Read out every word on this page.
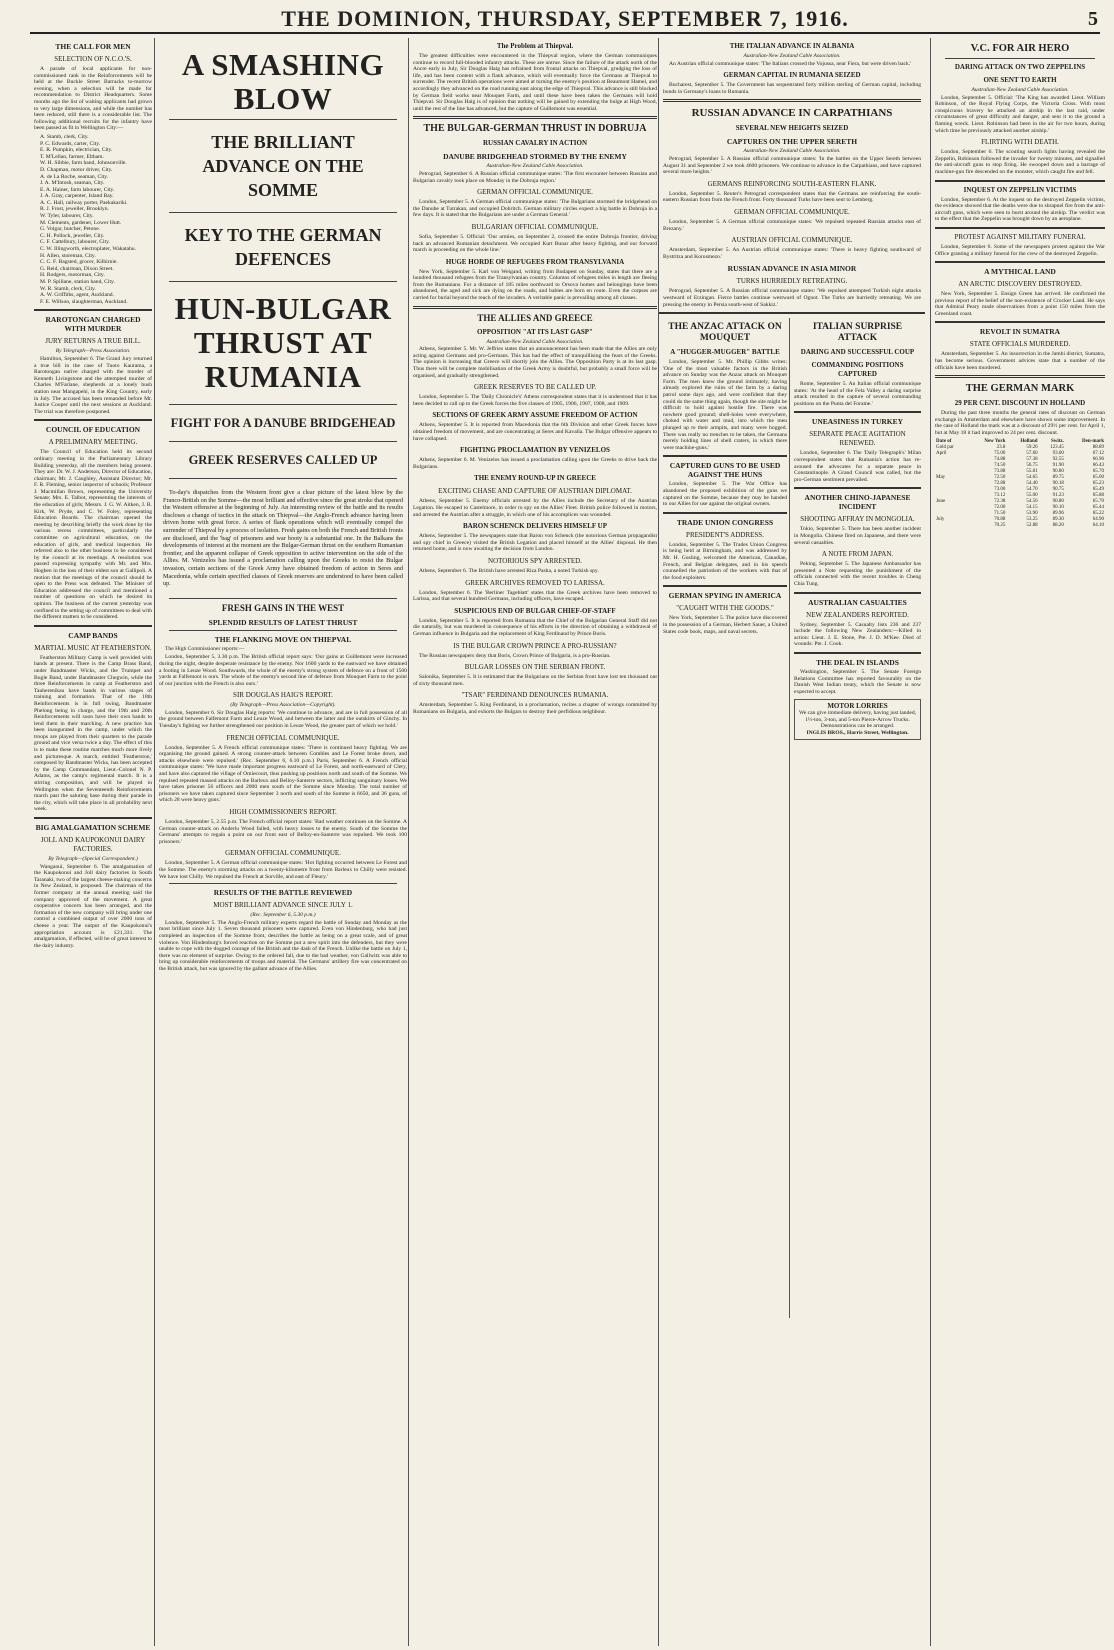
THE DOMINION, THURSDAY, SEPTEMBER 7, 1916.	5
THE CALL FOR MEN
SELECTION OF N.C.O.'S.

A parade of local applicants for non-commissioned rank in the Reinforcements will be held at the Buckle Street Barracks to-morrow evening, when a selection will be made for recommendation to District Headquarters. Some months ago the list of waiting applicants had grown to very large dimensions, and while the number has been reduced, still there is a considerable list. The following additional recruits for the infantry have been passed as fit in Wellington City:—

A. Stamb, clerk, City.

P. C. Edwards, carter, City.

E. R. Pumpkin, electrician, City.

T. M'Lellan, farmer, Eltham.

W. H. Sibbie, farm hand, Johnsonville.

D. Chapman, motor driver, City.

A. de La Roche, seaman, City.

J. A. M'Intosh, seaman, City.

E. A. Hainer, farm labourer, City.

J. A. Gray, carpenter, Island Bay.

A. C. Hall, railway porter, Paekakariki.

R. J. Frost, jeweller, Brooklyn.

W. Tyler, labourer, City.

M. Clements, gardener, Lower Hutt.

G. Volgar, butcher, Petone.

C. H. Pollock, jeweller, City.

C. F. Cattelbury, labourer, City.

C. W. Illingworth, electroplater, Wakatahu.

H. Allen, storeman, City.

C. C. F. Bagsted, grocer, Kilbirnie.

G. Reid, chairman, Dixon Street.

H. Rodgers, motorman, City.

M. P. Spillane, station hand, City.

W. R. Stamb, clerk, City.

A. W. Griffiths, agent, Auckland.

F. E. Willson, slaughterman, Auckland.

RAROTONGAN CHARGED WITH MURDER
JURY RETURNS A TRUE BILL.
By Telegraph—Press Association.

Hamilton, September 6. The Grand Jury returned a true bill in the case of Tuoto Kaurama, a Rarotongan native charged with the murder of Kenneth Livingstone and the attempted murder of Charles M'Farlane, shepherds at a lonely bush station near Mangapehi, in the King Country, early in July. The accused has been remanded before Mr. Justice Cooper until the next sessions at Auckland. The trial was therefore postponed.

COUNCIL OF EDUCATION
A PRELIMINARY MEETING.

The Council of Education held its second ordinary meeting in the Parliamentary Library Building yesterday, all the members being present. They are: Dr. W. J. Anderson, Director of Education, chairman; Mr. J. Caughley, Assistant Director; Mr. F. R. Fleming, senior inspector of schools; Professor J. Macmillan Brown, representing the University Senate; Mrs. E. Talbot, representing the interests of the education of girls; Messrs. J. G. W. Aitken, J. R. Kirk, W. Pryde, and C. W. Foley, representing Education Boards. The chairman opened the meeting by describing briefly the work done by the various recess committees, particularly the committee on agricultural education, on the education of girls, and medical inspection. He referred also to the other business to be considered by the council at its meetings. A resolution was passed expressing sympathy with Mr. and Mrs. Hogben in the loss of their eldest son at Gallipoli. A motion that the meetings of the council should be open to the Press was defeated. The Minister of Education addressed the council and mentioned a number of questions on which he desired its opinion. The business of the current yesterday was confined to the setting up of committees to deal with the different matters to be considered.

CAMP BANDS
MARTIAL MUSIC AT FEATHERSTON.

Featherston Military Camp is well provided with bands at present. There is the Camp Brass Band, under Bandmaster Wicks, and the Trumpet and Bugle Band, under Bandmaster Chegwin, while the three Reinforcements in camp at Featherston and Tauherenikau have bands in various stages of training and formation. That of the 18th Reinforcements is in full swing, Bandmaster Phelong being in charge, and the 19th and 20th Reinforcements will soon have their own bands to lend them in their marching. A new practice has been inaugurated in the camp, under which the troops are played from their quarters to the parade ground and vice versa twice a day. The effect of this is to make these routine marches much more lively and picturesque. A march, entitled 'Featherston,' composed by Bandmaster Wicks, has been accepted by the Camp Commandant, Lieut.-Colonel N. P. Adams, as the camp's regimental march. It is a stirring composition, and will be played in Wellington when the Seventeenth Reinforcements march past the saluting base during their parade in the city, which will take place in all probability next week.

BIG AMALGAMATION SCHEME
JOLL AND KAUPOKONUI DAIRY FACTORIES.
By Telegraph—(Special Correspondent.)

Wanganui, September 6. The amalgamation of the Kaupokonui and Joll dairy factories in South Taranaki, two of the largest cheese-making concerns in New Zealand, is proposed. The chairman of the former company at the annual meeting said the company approved of the movement. A great cooperative concern has been arranged, and the formation of the new company will bring under one control a combined output of over 2000 tons of cheese a year. The output of the Kaupokonui's appropriation account is £21,331. The amalgamation, if effected, will be of great interest to the dairy industry.

A SMASHING BLOW
THE BRILLIANT ADVANCE ON THE SOMME
KEY TO THE GERMAN DEFENCES
HUN-BULGAR THRUST AT RUMANIA
FIGHT FOR A DANUBE BRIDGEHEAD
GREEK RESERVES CALLED UP

To-day's dispatches from the Western front give a clear picture of the latest blow by the Franco-British on the Somme—the most brilliant and effective since the great stroke that opened the Western offensive at the beginning of July. An interesting review of the battle and its results discloses a change of tactics in the attack on Thiepval—the Anglo-French advance having been driven home with great force. A series of flank operations which will eventually compel the surrender of Thiepval by a process of isolation. Fresh gains on both the French and British fronts are disclosed, and the 'bag' of prisoners and war booty is a substantial one. In the Balkans the developments of interest at the moment are the Bulgar-German thrust on the southern Rumanian frontier, and the apparent collapse of Greek opposition to active intervention on the side of the Allies. M. Venizelos has issued a proclamation calling upon the Greeks to resist the Bulgar invasion, certain sections of the Greek Army have obtained freedom of action in Seres and Macedonia, while certain specified classes of Greek reserves are understood to have been called up.

FRESH GAINS IN THE WEST
SPLENDID RESULTS OF LATEST THRUST
THE FLANKING MOVE ON THIEPVAL

The High Commissioner reports:—

London, September 5, 3.30 p.m. The British official report says: 'Our gains at Guillemont were increased during the night, despite desperate resistance by the enemy. Nor 1600 yards to the eastward we have obtained a footing in Leuze Wood. Southwards, the whole of the enemy's strong system of defence on a front of 1500 yards at Falfemont is ours. The whole of the enemy's second line of defence from Mouquet Farm to the point of our junction with the French is also ours.'

SIR DOUGLAS HAIG'S REPORT.
(By Telegraph—Press Association—Copyright).

London, September 6. Sir Douglas Haig reports: 'We continue to advance, and are in full possession of all the ground between Falfemont Farm and Leuze Wood, and between the latter and the outskirts of Ginchy. In Tuesday's fighting we further strengthened our position in Leuze Wood, the greater part of which we hold.'

FRENCH OFFICIAL COMMUNIQUE.

London, September 5. A French official communique states: 'There is continued heavy fighting. We are organising the ground gained. A strong counter-attack between Combles and Le Forest broke down, and attacks elsewhere were repulsed.' (Rec. September 6, 6.10 p.m.) Paris, September 6. A French official communique states: 'We have made important progress eastward of Le Forest, and north-eastward of Clery, and have also captured the village of Omiecourt, thus pushing up positions north and south of the Somme. We repulsed repeated massed attacks on the Barleux and Belloy-Santerre sectors, inflicting sanguinary losses. We have taken prisoner 56 officers and 2000 men south of the Somme since Monday. The total number of prisoners we have taken captured since September 3 north and south of the Somme is 6650, and 36 guns, of which 28 were heavy guns.'

HIGH COMMISSIONER'S REPORT.

London, September 5, 2.55 p.m. The French official report states: 'Bad weather continues on the Somme. A German counter-attack on Anderlu Wood failed, with heavy losses to the enemy. South of the Somme the Germans' attempts to regain a point on our front east of Belloy-en-Santerre was repulsed. We took 100 prisoners.'

GERMAN OFFICIAL COMMUNIQUE.

London, September 5. A German official communique states: 'Hot fighting occurred between Le Forest and the Somme. The enemy's storming attacks on a twenty-kilometre front from Barleux to Chilly were resisted. We have lost Chilly. We repulsed the French at Sorville, and east of Fleury.'

RESULTS OF THE BATTLE REVIEWED
MOST BRILLIANT ADVANCE SINCE JULY 1.
(Rec. September 6, 5.30 p.m.)

London, September 5. The Anglo-French military experts regard the battle of Sunday and Monday as the most brilliant since July 1. Seven thousand prisoners were captured. Even von Hindenburg, who had just completed an inspection of the Somme front, describes the battle as being on a great scale, and of great violence. Von Hindenburg's forced reaction on the Somme put a new spirit into the defenders, but they were unable to cope with the dogged courage of the British and the dash of the French. Unlike the battle on July 1, there was no element of surprise. Owing to the ordered fall, due to the bad weather, von Gallwitz was able to bring up considerable reinforcements of troops and material. The Germans' artillery fire was concentrated on the British attack, but was ignored by the gallant advance of the Allies.

The Problem at Thiepval.

The greatest difficulties were encountered in the Thiepval region, where the German communiques continue to record full-blooded infantry attacks. These are untrue. Since the failure of the attack north of the Ancre early in July, Sir Douglas Haig has refrained from frontal attacks on Thiepval, grudging the loss of life, and has been content with a flank advance, which will eventually force the Germans at Thiepval to surrender. The recent British operations were aimed at turning the enemy's position at Beaumont Hamel, and accordingly they advanced on the road running east along the edge of Thiepval. This advance is still blocked by German field works near Mouquet Farm, and until these have been taken the Germans will hold Thiepval. Sir Douglas Haig is of opinion that nothing will be gained by extending the bulge at High Wood, until the rest of the line has advanced, but the capture of Guillemont was essential.

THE BULGAR-GERMAN THRUST IN DOBRUJA
RUSSIAN CAVALRY IN ACTION
DANUBE BRIDGEHEAD STORMED BY THE ENEMY
Australian-New Zealand Cable Association.

Petrograd, September 6. A Russian official communique states: 'The first encounter between Russian and Bulgarian cavalry took place on Monday in the Dobruja region.'

GERMAN OFFICIAL COMMUNIQUE.

London, September 5. A German official communique states: 'The Bulgarians stormed the bridgehead on the Danube at Tutrakan, and occupied Dobritch. German military circles expect a big battle in Dobruja in a few days. It is stated that the Bulgarians are under a German General.'

BULGARIAN OFFICIAL COMMUNIQUE.

Sofia, September 5. Official: 'Our armies, on September 2, crossed the entire Dobruja frontier, driving back an advanced Rumanian detachment. We occupied Kurt Bunar after heavy fighting, and our forward march is proceeding on the whole line.'

HUGE HORDE OF REFUGEES FROM TRANSYLVANIA

New York, September 5. Karl von Weigand, writing from Budapest on Sunday, states that there are a hundred thousand refugees from the Transylvanian country. Columns of refugees miles in length are fleeing from the Rumanians. For a distance of 185 miles northward to Orsova homes and belongings have been abandoned, the aged and sick are dying on the roads, and babies are born en route. Even the corpses are carried for burial beyond the reach of the invaders. A veritable panic is prevailing among all classes.

THE ALLIES AND GREECE
OPPOSITION "AT ITS LAST GASP"
Australian-New Zealand Cable Association.

Athens, September 5. Mr. W. Jeffries states that an announcement has been made that the Allies are only acting against Germans and pro-Germans. This has had the effect of tranquillising the fears of the Greeks. The opinion is increasing that Greece will shortly join the Allies. The Opposition Party is at its last gasp. Thus there will be complete mobilisation of the Greek Army is doubtful, but probably a small force will be organised, and gradually strengthened.

GREEK RESERVES TO BE CALLED UP.

London, September 5. The 'Daily Chronicle's' Athens correspondent states that it is understood that it has been decided to call up to the Greek forces the five classes of 1905, 1906, 1907, 1908, and 1909.

SECTIONS OF GREEK ARMY ASSUME FREEDOM OF ACTION

Athens, September 5. It is reported from Macedonia that the 6th Division and other Greek forces have obtained freedom of movement, and are concentrating at Seres and Kavalla. The Bulgar offensive appears to have collapsed.

FIGHTING PROCLAMATION BY VENIZELOS

Athens, September 6. M. Venizelos has issued a proclamation calling upon the Greeks to drive back the Bulgarians.

THE ENEMY ROUND-UP IN GREECE
EXCITING CHASE AND CAPTURE OF AUSTRIAN DIPLOMAT.

Athens, September 5. Enemy officials arrested by the Allies include the Secretary of the Austrian Legation. He escaped to Castelmore, in order to spy on the Allies' Fleet. British police followed in motors, and arrested the Austrian after a struggle, in which one of his accomplices was wounded.

BARON SCHENCK DELIVERS HIMSELF UP

Athens, September 5. The newspapers state that Baron von Schenck (the notorious German propagandist and spy chief in Greece) visited the British Legation and placed himself at the Allies' disposal. He then returned home, and is now awaiting the decision from London.

NOTORIOUS SPY ARRESTED.

Athens, September 6. The British have arrested Riza Pasha, a noted Turkish spy.

GREEK ARCHIVES REMOVED TO LARISSA.

London, September 6. The 'Berliner Tageblatt' states that the Greek archives have been removed to Larissa, and that several hundred Germans, including officers, have escaped.

SUSPICIOUS END OF BULGAR CHIEF-OF-STAFF

London, September 5. It is reported from Rumania that the Chief of the Bulgarian General Staff did not die naturally, but was murdered in consequence of his efforts in the direction of obtaining a withdrawal of German influence in Bulgaria and the replacement of King Ferdinand by Prince Boris.

IS THE BULGAR CROWN PRINCE A PRO-RUSSIAN?

The Russian newspapers deny that Boris, Crown Prince of Bulgaria, is a pro-Russian.

BULGAR LOSSES ON THE SERBIAN FRONT.

Salonika, September 5. It is estimated that the Bulgarians on the Serbian front have lost ten thousand out of sixty thousand men.

"TSAR" FERDINAND DENOUNCES RUMANIA.

Amsterdam, September 5. King Ferdinand, in a proclamation, recites a chapter of wrongs committed by Rumanians on Bulgaria, and exhorts the Bulgars to destroy their perfidious neighbour.

THE ITALIAN ADVANCE IN ALBANIA
Australian-New Zealand Cable Association.

An Austrian official communique states: 'The Italians crossed the Vojussa, near Fiera, but were driven back.'

GERMAN CAPITAL IN RUMANIA SEIZED

Bucharest, September 5. The Government has sequestrated forty million sterling of German capital, including bonds in Germany's loans to Rumania.

RUSSIAN ADVANCE IN CARPATHIANS
SEVERAL NEW HEIGHTS SEIZED
CAPTURES ON THE UPPER SERETH
Australian-New Zealand Cable Association.

Petrograd, September 5. A Russian official communique states: 'In the battles on the Upper Sereth between August 31 and September 2 we took 4600 prisoners. We continue to advance in the Carpathians, and have captured several more heights.'

GERMANS REINFORCING SOUTH-EASTERN FLANK.

London, September 5. Reuter's Petrograd correspondent states that the Germans are reinforcing the south-eastern Russian front from the French front. Forty thousand Turks have been sent to Lemberg.

GERMAN OFFICIAL COMMUNIQUE.

London, September 5. A German official communique states: 'We repulsed repeated Russian attacks east of Brezany.'

AUSTRIAN OFFICIAL COMMUNIQUE.

Amsterdam, September 5. An Austrian official communique states: 'There is heavy fighting southward of Bystritza and Korosmezo.'

RUSSIAN ADVANCE IN ASIA MINOR
TURKS HURRIEDLY RETREATING.

Petrograd, September 5. A Russian official communique states: 'We repulsed attempted Turkish night attacks westward of Erzingan. Fierce battles continue westward of Ognot. The Turks are hurriedly retreating. We are pressing the enemy in Persia south-west of Sakkiz.'

THE ANZAC ATTACK ON MOUQUET
A "HUGGER-MUGGER" BATTLE

London, September 5. Mr. Phillip Gibbs writes: 'One of the most valuable factors in the British advance on Sunday was the Anzac attack on Mouquet Farm. The men knew the ground intimately, having already explored the ruins of the farm by a daring patrol some days ago, and were confident that they could do the same thing again, though the site might be difficult to hold against hostile fire. There was nowhere good ground; shell-holes were everywhere, choked with water and mud, into which the men plunged up to their armpits, and many were bogged. There was really no trenches to be taken, the Germans merely holding lines of shell craters, in which there were machine-guns.'

CAPTURED GUNS TO BE USED AGAINST THE HUNS

London, September 5. The War Office has abandoned the proposed exhibition of the guns we captured on the Somme, because they may be handed to our Allies for use against the original owners.

TRADE UNION CONGRESS
PRESIDENT'S ADDRESS.

London, September 5. The Trades Union Congress is being held at Birmingham, and was addressed by Mr. H. Gosling, welcomed the American, Canadian, French, and Belgian delegates, and in his speech counselled the patriotism of the workers with that of the food exploiters.

GERMAN SPYING IN AMERICA
"CAUGHT WITH THE GOODS."

New York, September 5. The police have discovered in the possession of a German, Herbert Sauer, a United States code book, maps, and naval secrets.

ITALIAN SURPRISE ATTACK
DARING AND SUCCESSFUL COUP
COMMANDING POSITIONS CAPTURED

Rome, September 5. An Italian official communique states: 'At the head of the Fela Valley a daring surprise attack resulted in the capture of several commanding positions on the Punta del Forame.'

UNEASINESS IN TURKEY
SEPARATE PEACE AGITATION RENEWED.

London, September 6. The 'Daily Telegraph's' Milan correspondent states that Rumania's action has re-aroused the advocates for a separate peace in Constantinople. A Grand Council was called, but the pro-German sentiment prevailed.

ANOTHER CHINO-JAPANESE INCIDENT
SHOOTING AFFRAY IN MONGOLIA.

Tokio, September 5. There has been another incident in Mongolia. Chinese fired on Japanese, and there were several casualties.

A NOTE FROM JAPAN.

Peking, September 5. The Japanese Ambassador has presented a Note requesting the punishment of the officials connected with the recent troubles in Cheng Chia Tung.

AUSTRALIAN CASUALTIES
NEW ZEALANDERS REPORTED.

Sydney, September 5. Casualty lists 236 and 237 include the following New Zealanders:—Killed in action: Lieut. J. E. Stone, Pte. J. D. M'Kee. Died of wounds: Pte. J. Cook.

THE DEAL IN ISLANDS

Washington, September 5. The Senate Foreign Relations Committee has reported favourably on the Danish West Indian treaty, which the Senate is now expected to accept.

MOTOR LORRIES
We can give immediate delivery, having just landed, 1½-ton, 3-ton, and 5-ton Pierce-Arrow Trucks. Demonstrations can be arranged.
INGLIS BROS., Harris Street, Wellington.
V.C. FOR AIR HERO
DARING ATTACK ON TWO ZEPPELINS
ONE SENT TO EARTH
Australian-New Zealand Cable Association.

London, September 5. Official: 'The King has awarded Lieut. William Robinson, of the Royal Flying Corps, the Victoria Cross. With most conspicuous bravery he attacked an airship in the last raid, under circumstances of great difficulty and danger, and sent it to the ground a flaming wreck. Lieut. Robinson had been in the air for two hours, during which time he previously attacked another airship.'

FLIRTING WITH DEATH.

London, September 6. The scouting search lights having revealed the Zeppelin, Robinson followed the invader for twenty minutes, and signalled the anti-aircraft guns to stop firing. He swooped down and a barrage of machine-gun fire descended on the monster, which caught fire and fell.

INQUEST ON ZEPPELIN VICTIMS

London, September 6. At the inquest on the destroyed Zeppelin victims, the evidence showed that the deaths were due to shrapnel fire from the anti-aircraft guns, which were seen to burst around the airship. The verdict was to the effect that the Zeppelin was brought down by an aeroplane.

PROTEST AGAINST MILITARY FUNERAL

London, September 6. Some of the newspapers protest against the War Office granting a military funeral for the crew of the destroyed Zeppelin.

A MYTHICAL LAND
AN ARCTIC DISCOVERY DESTROYED.

New York, September 5. Ensign Green has arrived. He confirmed the previous report of the belief of the non-existence of Crocker Land. He says that Admiral Peary made observations from a point 150 miles from the Greenland coast.

REVOLT IN SUMATRA
STATE OFFICIALS MURDERED.

Amsterdam, September 5. An insurrection in the Jambi district, Sumatra, has become serious. Government advices state that a number of the officials have been murdered.

THE GERMAN MARK
29 PER CENT. DISCOUNT IN HOLLAND

During the past three months the general rates of discount on German exchange in Amsterdam and elsewhere have shown some improvement. In the case of Holland the mark was at a discount of 29½ per cent. for April 1, but at May 18 it had improved to 24 per cent. discount.

Date of	New York	Holland	Switz.	Den-mark
Gold par	23.8	59.26	123.45	88.89
April	75.00	57.60	93.00	67.12
	74.88	57.38	92.55	66.96
	74.50	56.75	91.90	66.43
	73.88	55.81	90.80	65.70
May	72.50	54.65	89.75	65.00
	72.88	54.40	90.18	65.23
	73.00	54.70	90.75	65.49
	73.12	55.00	91.23	65.88
June	72.38	54.56	90.80	65.70
	72.00	54.15	90.10	65.44
	71.50	53.90	89.96	65.22
July	70.88	53.25	89.30	64.90
	70.25	52.88	88.20	64.10
